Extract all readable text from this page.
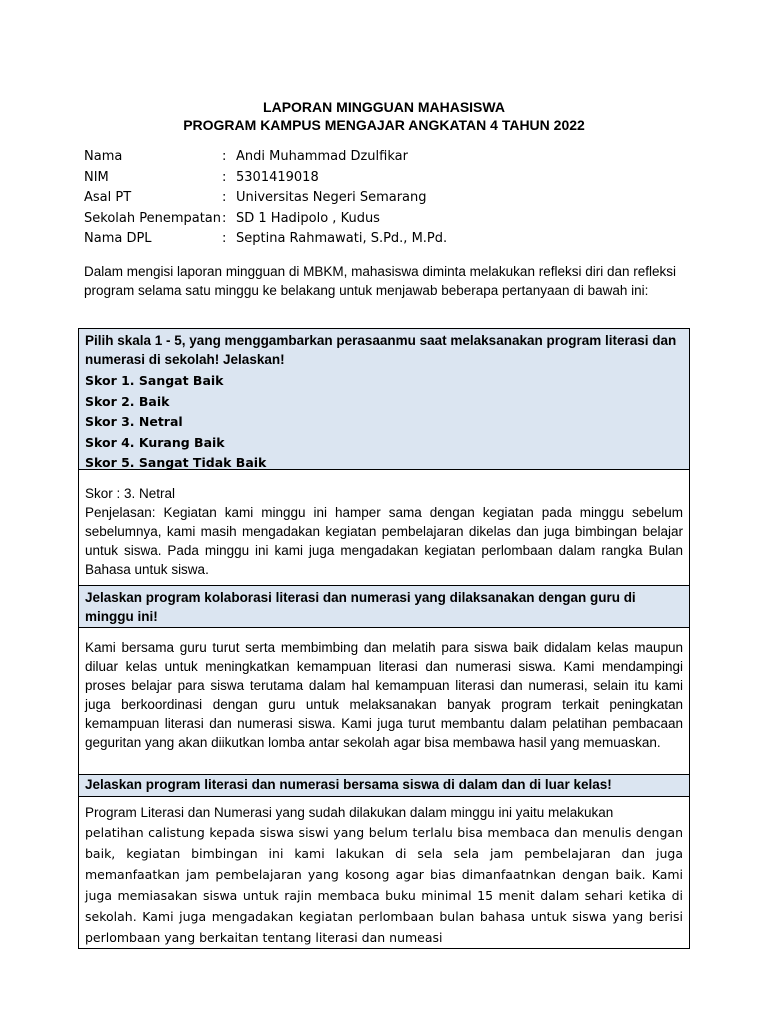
LAPORAN MINGGUAN MAHASISWA
PROGRAM KAMPUS MENGAJAR ANGKATAN 4 TAHUN 2022
Nama	: Andi Muhammad Dzulfikar
NIM	: 5301419018
Asal PT	: Universitas Negeri Semarang
Sekolah Penempatan : SD 1 Hadipolo , Kudus
Nama DPL	: Septina Rahmawati, S.Pd., M.Pd.
Dalam mengisi laporan mingguan di MBKM, mahasiswa diminta melakukan refleksi diri dan refleksi program selama satu minggu ke belakang untuk menjawab beberapa pertanyaan di bawah ini:
Pilih skala 1 - 5, yang menggambarkan perasaanmu saat melaksanakan program literasi dan numerasi di sekolah! Jelaskan!
Skor 1. Sangat Baik
Skor 2. Baik
Skor 3. Netral
Skor 4. Kurang Baik
Skor 5. Sangat Tidak Baik
Skor : 3. Netral
Penjelasan: Kegiatan kami minggu ini hamper sama dengan kegiatan pada minggu sebelum sebelumnya, kami masih mengadakan kegiatan pembelajaran dikelas dan juga bimbingan belajar untuk siswa. Pada minggu ini kami juga mengadakan kegiatan perlombaan dalam rangka Bulan Bahasa untuk siswa.
Jelaskan program kolaborasi literasi dan numerasi yang dilaksanakan dengan guru di minggu ini!
Kami bersama guru turut serta membimbing dan melatih para siswa baik didalam kelas maupun diluar kelas untuk meningkatkan kemampuan literasi dan numerasi siswa. Kami mendampingi proses belajar para siswa terutama dalam hal kemampuan literasi dan numerasi, selain itu kami juga berkoordinasi dengan guru untuk melaksanakan banyak program terkait peningkatan kemampuan literasi dan numerasi siswa. Kami juga turut membantu dalam pelatihan pembacaan geguritan yang akan diikutkan lomba antar sekolah agar bisa membawa hasil yang memuaskan.
Jelaskan program literasi dan numerasi bersama siswa di dalam dan di luar kelas!
Program Literasi dan Numerasi yang sudah dilakukan dalam minggu ini yaitu melakukan
pelatihan calistung kepada siswa siswi yang belum terlalu bisa membaca dan menulis dengan baik, kegiatan bimbingan ini kami lakukan di sela sela jam pembelajaran dan juga memanfaatkan jam pembelajaran yang kosong agar bias dimanfaatnkan dengan baik. Kami juga memiasakan siswa untuk rajin membaca buku minimal 15 menit dalam sehari ketika di sekolah. Kami juga mengadakan kegiatan perlombaan bulan bahasa untuk siswa yang berisi perlombaan yang berkaitan tentang literasi dan numeasi
